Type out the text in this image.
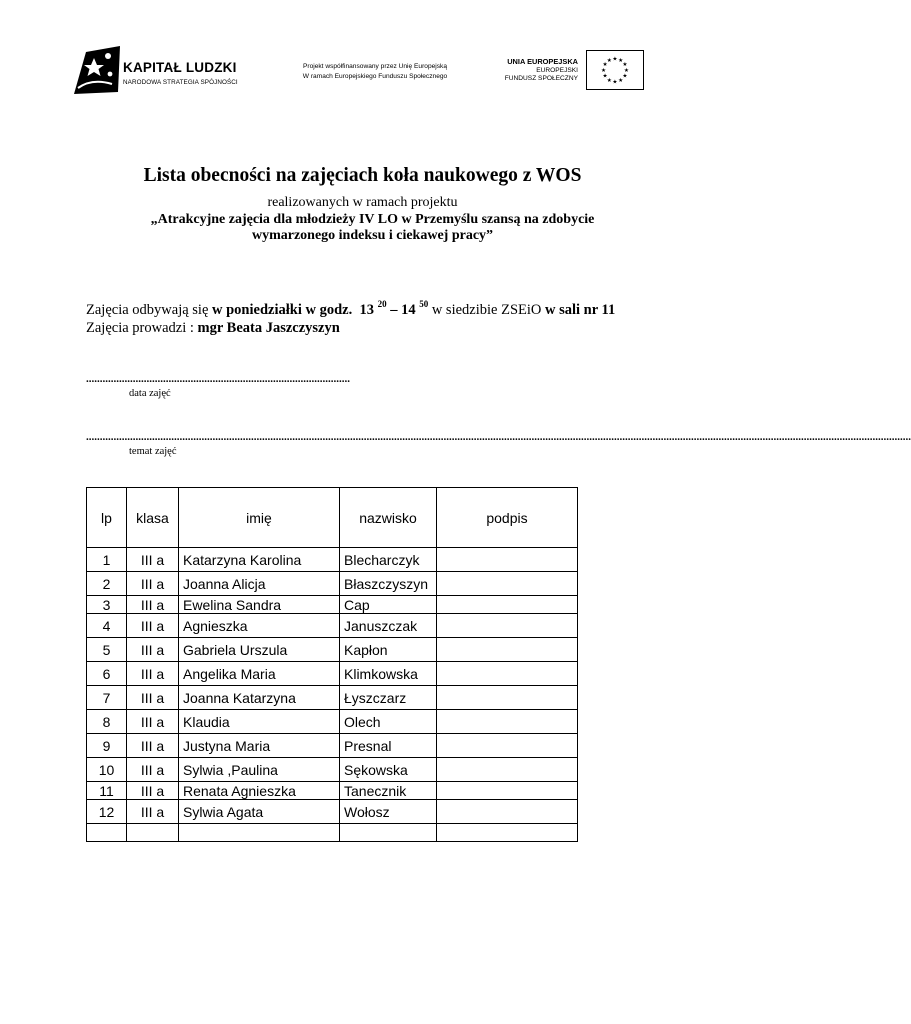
KAPITAŁ LUDZKI
NARODOWA STRATEGIA SPÓJNOŚCI
Projekt współfinansowany przez Unię Europejską
W ramach Europejskiego Funduszu Społecznego
UNIA EUROPEJSKA
EUROPEJSKI
FUNDUSZ SPOŁECZNY
★ ★
★
★
★
★
★
★
★
★
★
★
Lista obecności na zajęciach koła naukowego z WOS
realizowanych w ramach projektu
„Atrakcyjne zajęcia dla młodzieży IV LO w Przemyślu szansą na zdobycie
wymarzonego indeksu i ciekawej pracy”
Zajęcia odbywają się w poniedziałki w godz. 13 $^{20}$ – 14 $^{50}$ w siedzibie ZSEiO w sali nr 11
Zajęcia prowadzi : mgr Beata Jaszczyszyn
................................................................................................
data zajęć
............................................................................................................................................................................................................................................................................................................
temat zajęć
lp	klasa	imię	nazwisko	podpis
1	III a	Katarzyna Karolina	Blecharczyk	
2	III a	Joanna Alicja	Błaszczyszyn	
3	III a	Ewelina Sandra	Cap	
4	III a	Agnieszka	Januszczak	
5	III a	Gabriela Urszula	Kapłon	
6	III a	Angelika Maria	Klimkowska	
7	III a	Joanna Katarzyna	Łyszczarz	
8	III a	Klaudia	Olech	
9	III a	Justyna Maria	Presnal	
10	III a	Sylwia ,Paulina	Sękowska	
11	III a	Renata Agnieszka	Tanecznik	
12	III a	Sylwia Agata	Wołosz	
